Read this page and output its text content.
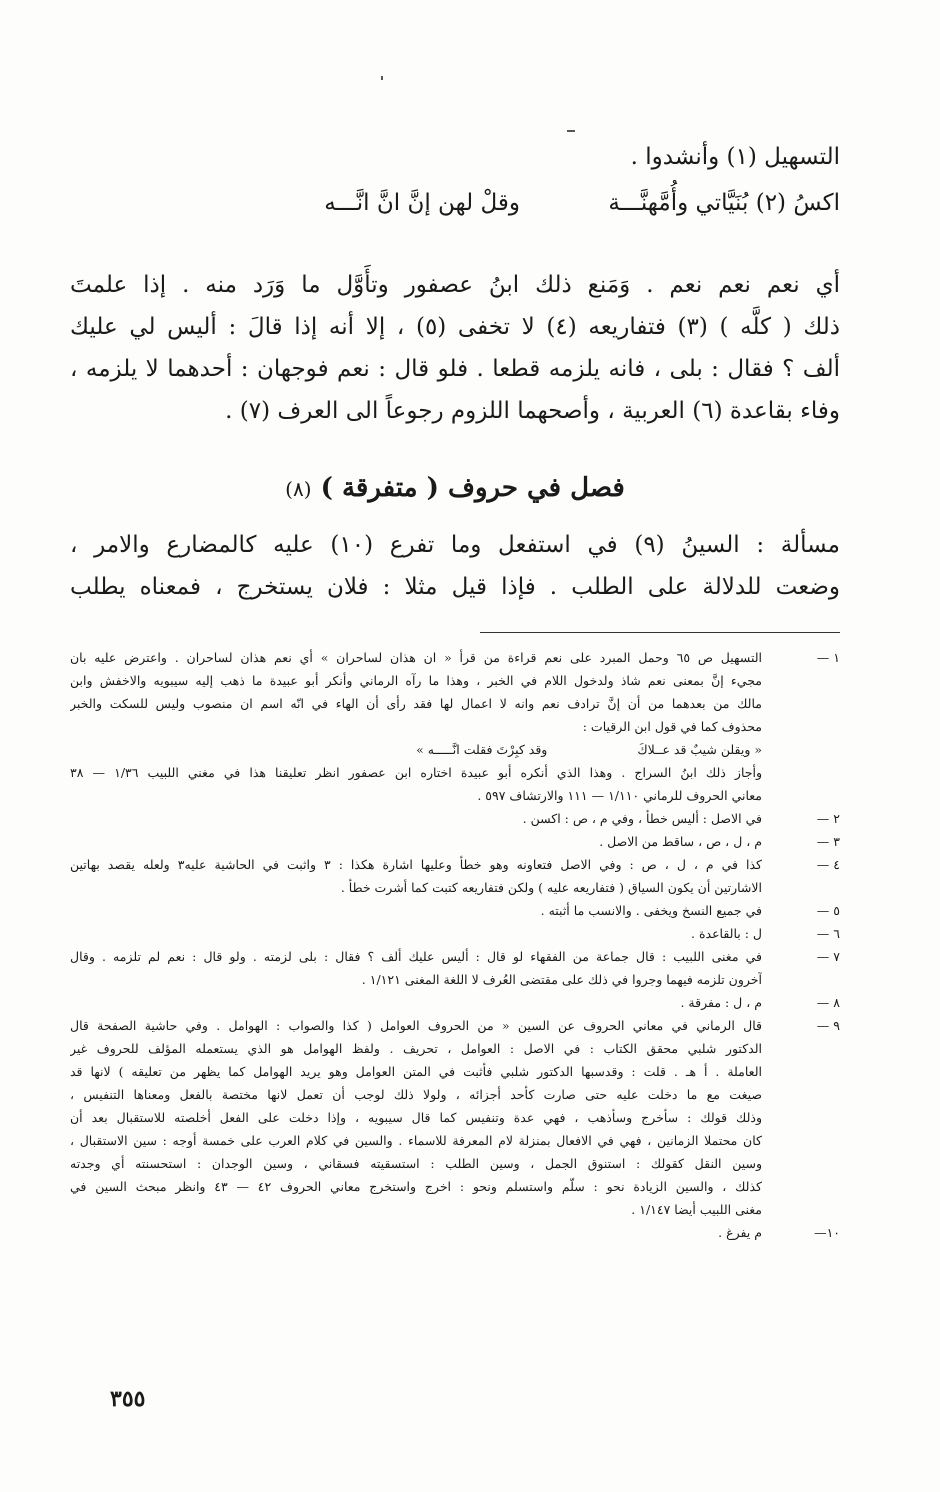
التسهيل (١) وأنشدوا .
اكسُ (٢) بُنَيَّاتي وأُمَّهنَّـــة
وقلْ لهن إنَّ انَّ انَّـــه
أي نعم نعم نعم . وَمَنع ذلك ابنُ عصفور وتأَوَّل ما وَرَد منه . إذا علمتَ
ذلك ( كلَّه ) (٣) فتفاريعه (٤) لا تخفى (٥) ، إلا أنه إذا قالَ : أليس لي عليك
ألف ؟ فقال : بلى ، فانه يلزمه قطعا . فلو قال : نعم فوجهان : أحدهما لا يلزمه ،
وفاء بقاعدة (٦) العربية ، وأصحهما اللزوم رجوعاً الى العرف (٧) .
فصل في حروف ( متفرقة ) (٨)
مسألة : السينُ (٩) في استفعل وما تفرع (١٠) عليه كالمضارع والامر ،
وضعت للدلالة على الطلب . فإذا قيل مثلا : فلان يستخرج ، فمعناه يطلب
١ —
التسهيل ص ٦٥ وحمل المبرد على نعم قراءة من قرأ « ان هذان لساحران » أي نعم هذان لساحران . واعترض عليه بان
مجيء إنَّ بمعنى نعم شاذ ولدخول اللام في الخبر ، وهذا ما رآه الرماني وأنكر أبو عبيدة ما ذهب إليه سيبويه والاخفش وابن
مالك من بعدهما من أن إنَّ ترادف نعم وانه لا اعمال لها فقد رأى أن الهاء في انّه اسم ان منصوب وليس للسكت والخبر
محذوف كما في قول ابن الرقيات :
« ويقلن شيبٌ قد عــلاكَوقد كبِرْتَ فقلت انَّـــــه »
وأجاز ذلك ابنُ السراج . وهذا الذي أنكره أبو عبيدة اختاره ابن عصفور انظر تعليقنا هذا في مغني اللبيب ١/٣٦ — ٣٨
معاني الحروف للرماني ١/١١٠ — ١١١ والارتشاف ٥٩٧ .
٢ —
في الاصل : أليس خطأ ، وفي م ، ص : اكسن .
٣ —
م ، ل ، ص ، ساقط من الاصل .
٤ —
كذا في م ، ل ، ص : وفي الاصل فتعاونه وهو خطأ وعليها اشارة هكذا : ٣ واثبت في الحاشية عليه٣ ولعله يقصد بهاتين
الاشارتين أن يكون السياق ( فتفاريعه عليه ) ولكن فتفاريعه كتبت كما أشرت خطأ .
٥ —
في جميع النسخ ويخفى . والانسب ما أثبته .
٦ —
ل : بالقاعدة .
٧ —
في مغنى اللبيب : قال جماعة من الفقهاء لو قال : أليس عليك ألف ؟ فقال : بلى لزمته . ولو قال : نعم لم تلزمه . وقال
آخرون تلزمه فيهما وجروا في ذلك على مقتضى العُرف لا اللغة المغنى ١/١٢١ .
٨ —
م ، ل : مفرقة .
٩ —
قال الرماني في معاني الحروف عن السين « من الحروف العوامل ( كذا والصواب : الهوامل . وفي حاشية الصفحة قال
الدكتور شلبي محقق الكتاب : في الاصل : العوامل ، تحريف . ولفظ الهوامل هو الذي يستعمله المؤلف للحروف غير
العاملة . أ هـ . قلت : وقدسبها الدكتور شلبي فأثبت في المتن العوامل وهو يريد الهوامل كما يظهر من تعليقه ) لانها قد
صيغت مع ما دخلت عليه حتى صارت كأحد أجزائه ، ولولا ذلك لوجب أن تعمل لانها مختصة بالفعل ومعناها التنفيس ،
وذلك قولك : سأخرج وسأذهب ، فهي عدة وتنفيس كما قال سيبويه ، وإذا دخلت على الفعل أخلصته للاستقبال بعد أن
كان محتملا الزمانين ، فهي في الافعال بمنزلة لام المعرفة للاسماء . والسين في كلام العرب على خمسة أوجه : سين الاستقبال ،
وسين النقل كقولك : استنوق الجمل ، وسين الطلب : استسقيته فسقاني ، وسين الوجدان : استحسنته أي وجدته
كذلك ، والسين الزيادة نحو : سلّم واستسلم ونحو : اخرج واستخرج معاني الحروف ٤٢ — ٤٣ وانظر مبحث السين في
مغنى اللبيب أيضا ١/١٤٧ .
١٠—
م يفرغ .
٣٥٥
